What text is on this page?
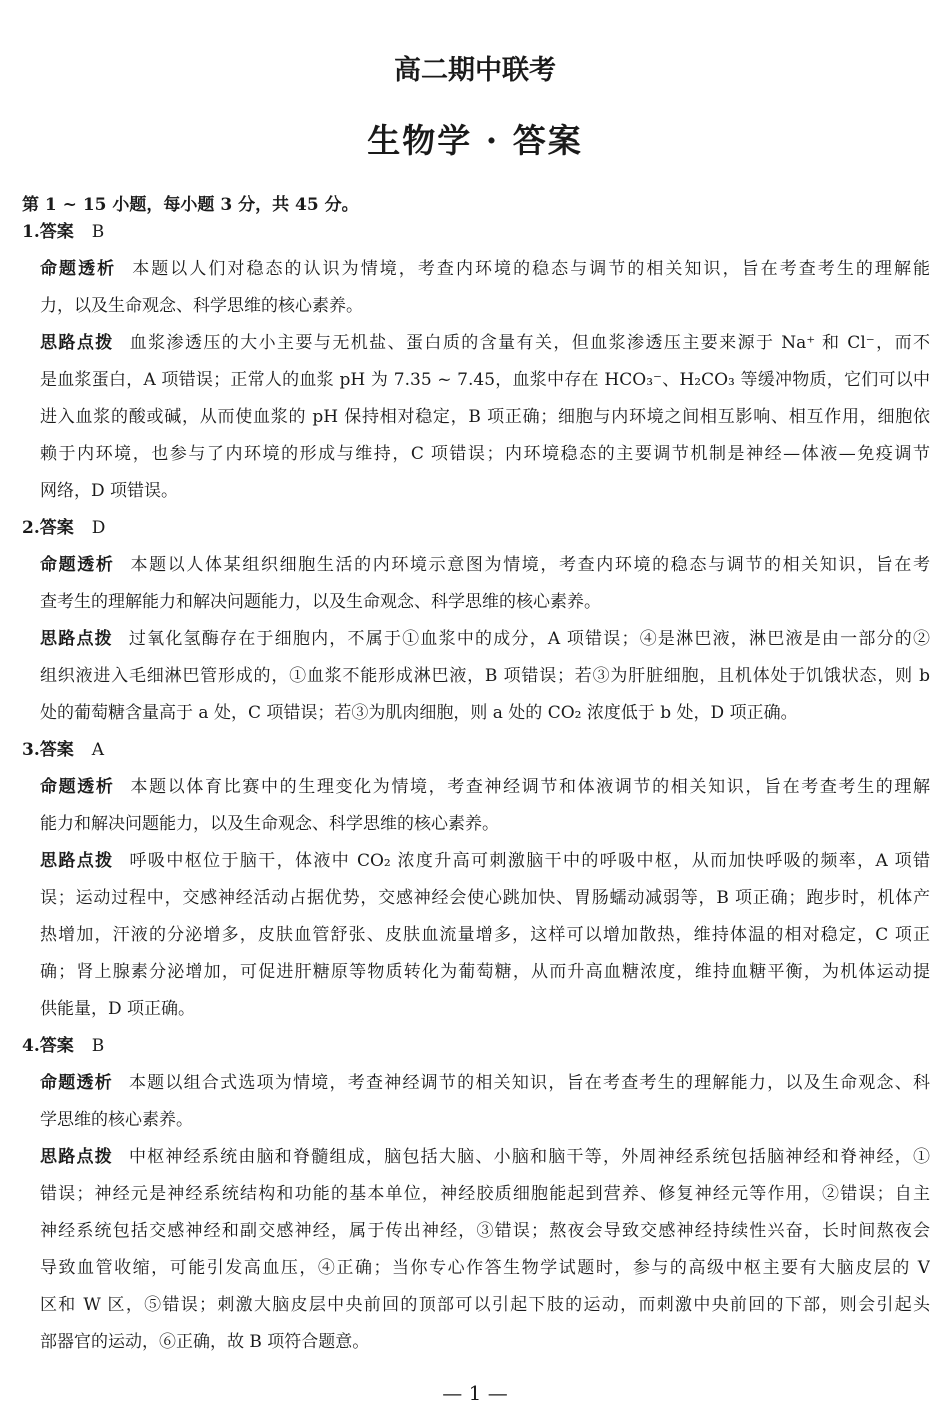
高二期中联考
生物学 · 答案
第 1 ~ 15 小题，每小题 3 分，共 45 分。
1.答案 B
命题透析 本题以人们对稳态的认识为情境，考查内环境的稳态与调节的相关知识，旨在考查考生的理解能
力，以及生命观念、科学思维的核心素养。
思路点拨 血浆渗透压的大小主要与无机盐、蛋白质的含量有关，但血浆渗透压主要来源于 Na⁺ 和 Cl⁻，而不
是血浆蛋白，A 项错误；正常人的血浆 pH 为 7.35 ~ 7.45，血浆中存在 HCO₃⁻、H₂CO₃ 等缓冲物质，它们可以中
进入血浆的酸或碱，从而使血浆的 pH 保持相对稳定，B 项正确；细胞与内环境之间相互影响、相互作用，细胞依
赖于内环境，也参与了内环境的形成与维持，C 项错误；内环境稳态的主要调节机制是神经—体液—免疫调节
网络，D 项错误。
2.答案 D
命题透析 本题以人体某组织细胞生活的内环境示意图为情境，考查内环境的稳态与调节的相关知识，旨在考
查考生的理解能力和解决问题能力，以及生命观念、科学思维的核心素养。
思路点拨 过氧化氢酶存在于细胞内，不属于①血浆中的成分，A 项错误；④是淋巴液，淋巴液是由一部分的②
组织液进入毛细淋巴管形成的，①血浆不能形成淋巴液，B 项错误；若③为肝脏细胞，且机体处于饥饿状态，则 b
处的葡萄糖含量高于 a 处，C 项错误；若③为肌肉细胞，则 a 处的 CO₂ 浓度低于 b 处，D 项正确。
3.答案 A
命题透析 本题以体育比赛中的生理变化为情境，考查神经调节和体液调节的相关知识，旨在考查考生的理解
能力和解决问题能力，以及生命观念、科学思维的核心素养。
思路点拨 呼吸中枢位于脑干，体液中 CO₂ 浓度升高可刺激脑干中的呼吸中枢，从而加快呼吸的频率，A 项错
误；运动过程中，交感神经活动占据优势，交感神经会使心跳加快、胃肠蠕动减弱等，B 项正确；跑步时，机体产
热增加，汗液的分泌增多，皮肤血管舒张、皮肤血流量增多，这样可以增加散热，维持体温的相对稳定，C 项正
确；肾上腺素分泌增加，可促进肝糖原等物质转化为葡萄糖，从而升高血糖浓度，维持血糖平衡，为机体运动提
供能量，D 项正确。
4.答案 B
命题透析 本题以组合式选项为情境，考查神经调节的相关知识，旨在考查考生的理解能力，以及生命观念、科
学思维的核心素养。
思路点拨 中枢神经系统由脑和脊髓组成，脑包括大脑、小脑和脑干等，外周神经系统包括脑神经和脊神经，①
错误；神经元是神经系统结构和功能的基本单位，神经胶质细胞能起到营养、修复神经元等作用，②错误；自主
神经系统包括交感神经和副交感神经，属于传出神经，③错误；熬夜会导致交感神经持续性兴奋，长时间熬夜会
导致血管收缩，可能引发高血压，④正确；当你专心作答生物学试题时，参与的高级中枢主要有大脑皮层的 V
区和 W 区，⑤错误；刺激大脑皮层中央前回的顶部可以引起下肢的运动，而刺激中央前回的下部，则会引起头
部器官的运动，⑥正确，故 B 项符合题意。
— 1 —
